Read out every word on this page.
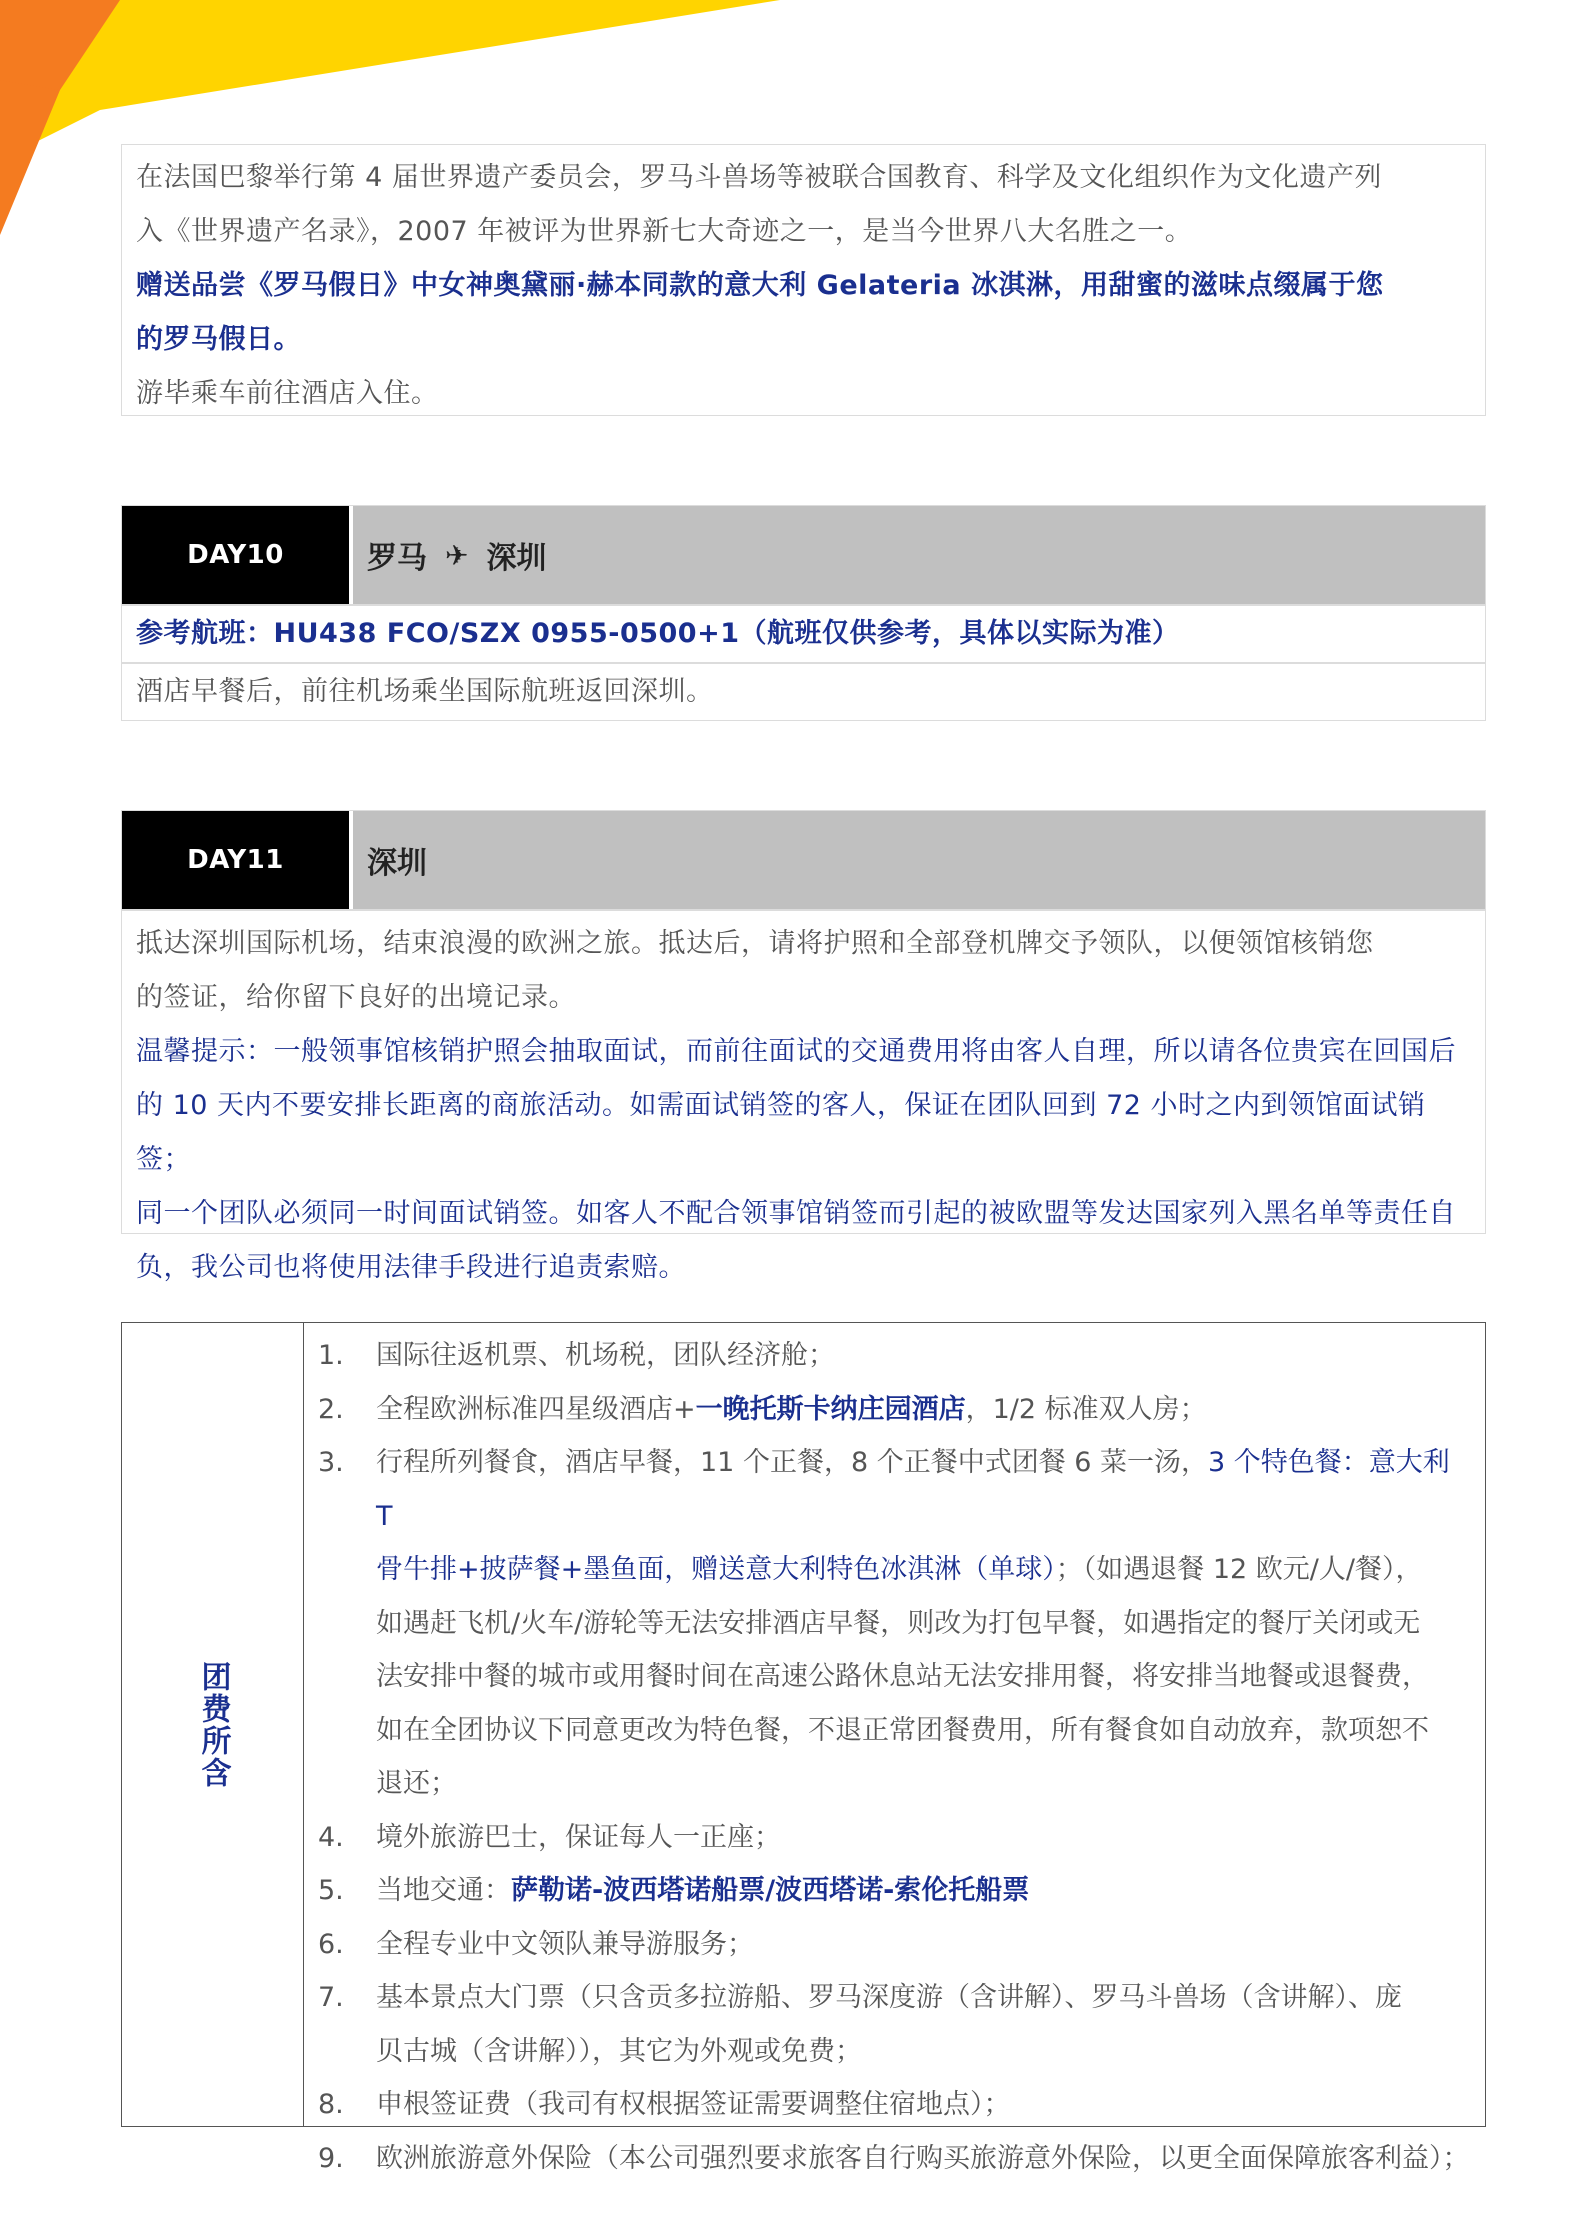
在法国巴黎举行第 4 届世界遗产委员会，罗马斗兽场等被联合国教育、科学及文化组织作为文化遗产列

入《世界遗产名录》，2007 年被评为世界新七大奇迹之一，是当今世界八大名胜之一。

赠送品尝《罗马假日》中女神奥黛丽·赫本同款的意大利 Gelateria 冰淇淋，用甜蜜的滋味点缀属于您

的罗马假日。

游毕乘车前往酒店入住。

DAY10	罗马 ✈ 深圳
参考航班：HU438 FCO/SZX 0955-0500+1（航班仅供参考，具体以实际为准）
酒店早餐后，前往机场乘坐国际航班返回深圳。
DAY11	深圳

抵达深圳国际机场，结束浪漫的欧洲之旅。抵达后，请将护照和全部登机牌交予领队，以便领馆核销您

的签证，给你留下良好的出境记录。

温馨提示：一般领事馆核销护照会抽取面试，而前往面试的交通费用将由客人自理，所以请各位贵宾在回国后

的 10 天内不要安排长距离的商旅活动。如需面试销签的客人，保证在团队回到 72 小时之内到领馆面试销签；

同一个团队必须同一时间面试销签。如客人不配合领事馆销签而引起的被欧盟等发达国家列入黑名单等责任自

负，我公司也将使用法律手段进行追责索赔。

团费所含
1.	国际往返机票、机场税，团队经济舱；
2.	全程欧洲标准四星级酒店+一晚托斯卡纳庄园酒店，1/2 标准双人房；
3.	行程所列餐食，酒店早餐，11 个正餐，8 个正餐中式团餐 6 菜一汤，3 个特色餐：意大利 T
骨牛排+披萨餐+墨鱼面，赠送意大利特色冰淇淋（单球）；（如遇退餐 12 欧元/人/餐），
如遇赶飞机/火车/游轮等无法安排酒店早餐，则改为打包早餐，如遇指定的餐厅关闭或无
法安排中餐的城市或用餐时间在高速公路休息站无法安排用餐，将安排当地餐或退餐费，
如在全团协议下同意更改为特色餐，不退正常团餐费用，所有餐食如自动放弃，款项恕不
退还；
4.	境外旅游巴士，保证每人一正座；
5.	当地交通：萨勒诺-波西塔诺船票/波西塔诺-索伦托船票
6.	全程专业中文领队兼导游服务；
7.	基本景点大门票（只含贡多拉游船、罗马深度游（含讲解）、罗马斗兽场（含讲解）、庞
贝古城（含讲解）），其它为外观或免费；
8.	申根签证费（我司有权根据签证需要调整住宿地点）；
9.	欧洲旅游意外保险（本公司强烈要求旅客自行购买旅游意外保险，以更全面保障旅客利益）；
